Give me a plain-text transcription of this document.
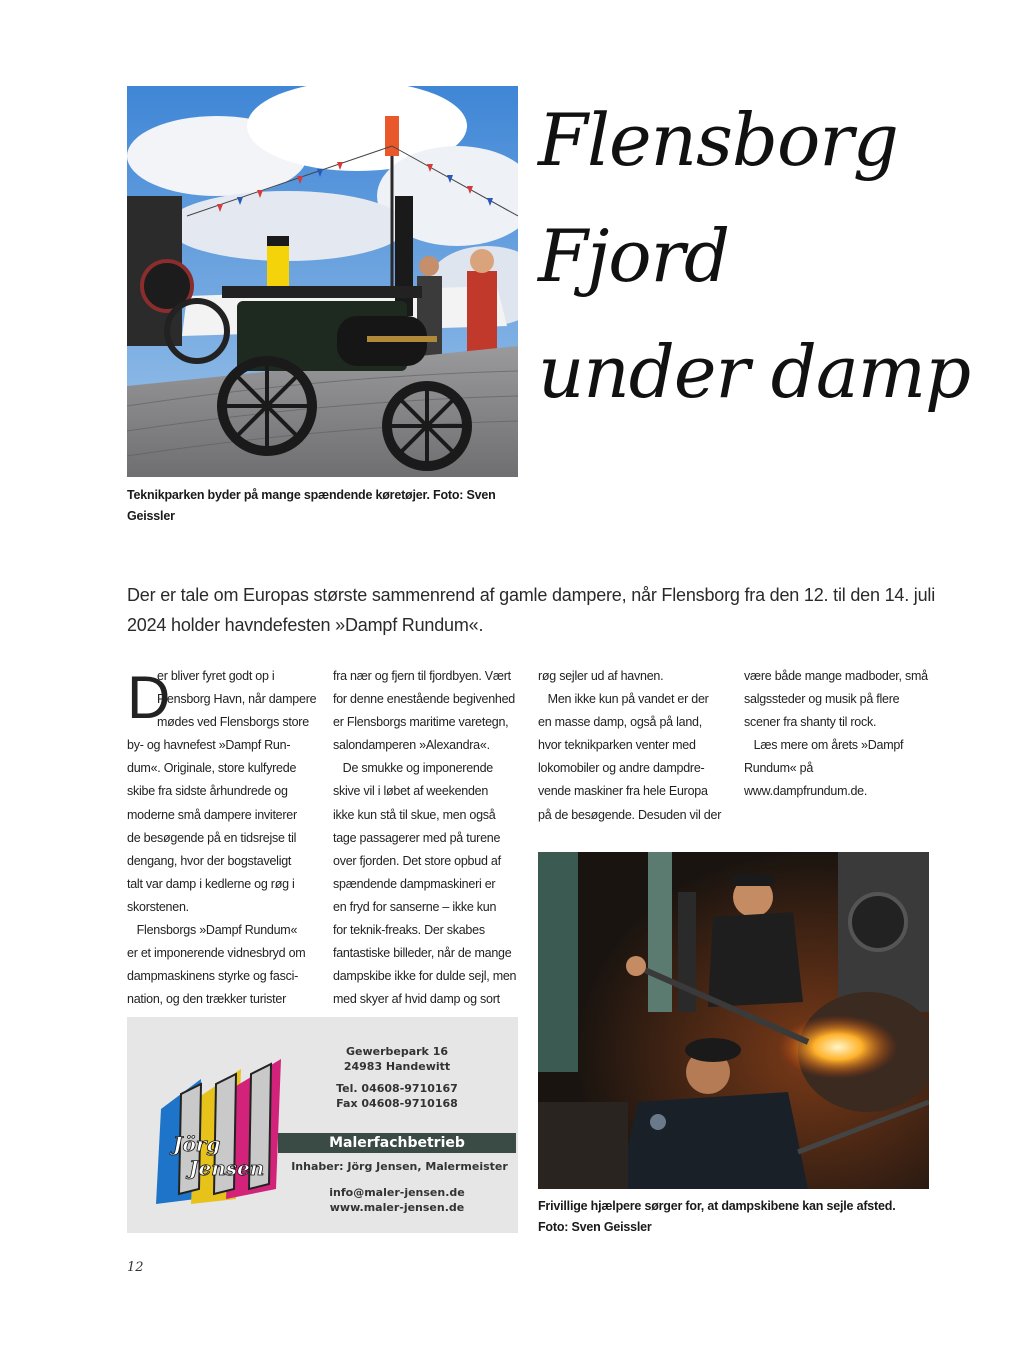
Teknikparken byder på mange spændende køretøjer. Foto: Sven Geissler
Flensborg
Fjord
under damp

Der er tale om Europas største sammenrend af gamle dampere, når Flensborg fra den 12. til den 14. juli 2024 holder havndefesten »Dampf Rundum«.

D
er bliver fyret godt op i
Flensborg Havn, når dampere
mødes ved Flensborgs store
by- og havnefest »Dampf Run-
dum«. Originale, store kulfyrede
skibe fra sidste århundrede og
moderne små dampere inviterer
de besøgende på en tidsrejse til
dengang, hvor der bogstaveligt
talt var damp i kedlerne og røg i
skorstenen.
Flensborgs »Dampf Rundum«
er et imponerende vidnesbryd om
dampmaskinens styrke og fasci-
nation, og den trækker turister
fra nær og fjern til fjordbyen. Vært
for denne enestående begivenhed
er Flensborgs maritime varetegn,
salondamperen »Alexandra«.
De smukke og imponerende
skive vil i løbet af weekenden
ikke kun stå til skue, men også
tage passagerer med på turene
over fjorden. Det store opbud af
spændende dampmaskineri er
en fryd for sanserne – ikke kun
for teknik-freaks. Der skabes
fantastiske billeder, når de mange
dampskibe ikke for dulde sejl, men
med skyer af hvid damp og sort
røg sejler ud af havnen.
Men ikke kun på vandet er der
en masse damp, også på land,
hvor teknikparken venter med
lokomobiler og andre dampdre-
vende maskiner fra hele Europa
på de besøgende. Desuden vil der
være både mange madboder, små
salgssteder og musik på flere
scener fra shanty til rock.
Læs mere om årets »Dampf
Rundum« på
www.dampfrundum.de.
Jörg
Jensen
Gewerbepark 16
24983 Handewitt
Tel. 04608-9710167
Fax 04608-9710168
Malerfachbetrieb
Inhaber: Jörg Jensen, Malermeister
info@maler-jensen.de
www.maler-jensen.de	Frivillige hjælpere sørger for, at dampskibene kan sejle afsted. Foto: Sven Geissler
12
